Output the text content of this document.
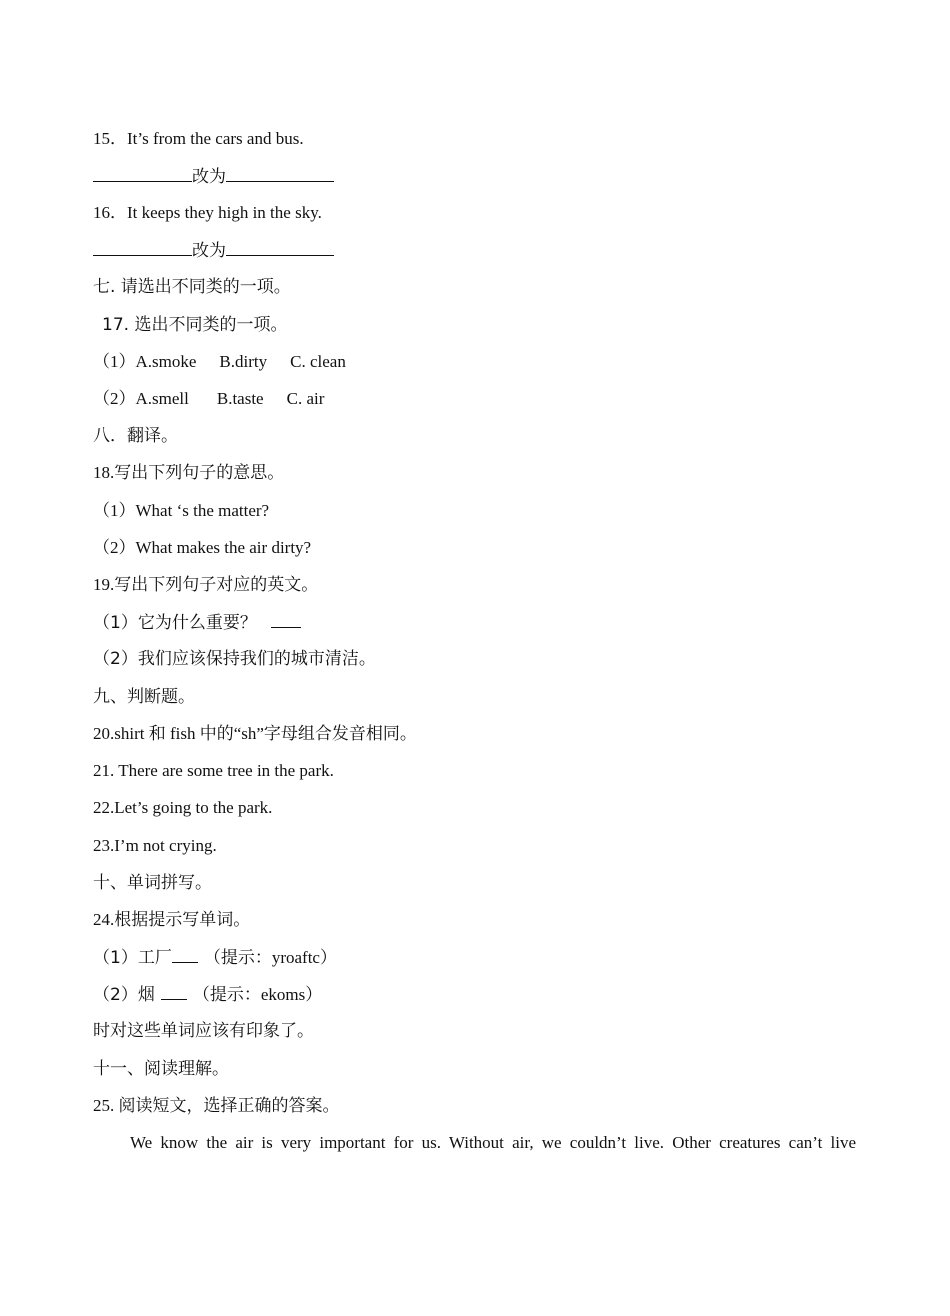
15．It’s from the cars and bus.
改为
16．It keeps they high in the sky.
改为
七. 请选出不同类的一项。
17. 选出不同类的一项。
（1）A.smoke B.dirty C. clean
（2）A.smell B.taste C. air
八．翻译。
18.写出下列句子的意思。
（1）What ‘s the matter?
（2）What makes the air dirty?
19.写出下列句子对应的英文。
（1）它为什么重要？
（2）我们应该保持我们的城市清洁。
九、判断题。
20.shirt 和 fish 中的“sh”字母组合发音相同。
21. There are some tree in the park.
22.Let’s going to the park.
23.I’m not crying.
十、单词拼写。
24.根据提示写单词。
（1）工厂 （提示：yroaftc）
（2）烟 （提示：ekoms）
时对这些单词应该有印象了。
十一、阅读理解。
25. 阅读短文，选择正确的答案。
We know the air is very important for us. Without air, we couldn’t live. Other creatures can’t live
